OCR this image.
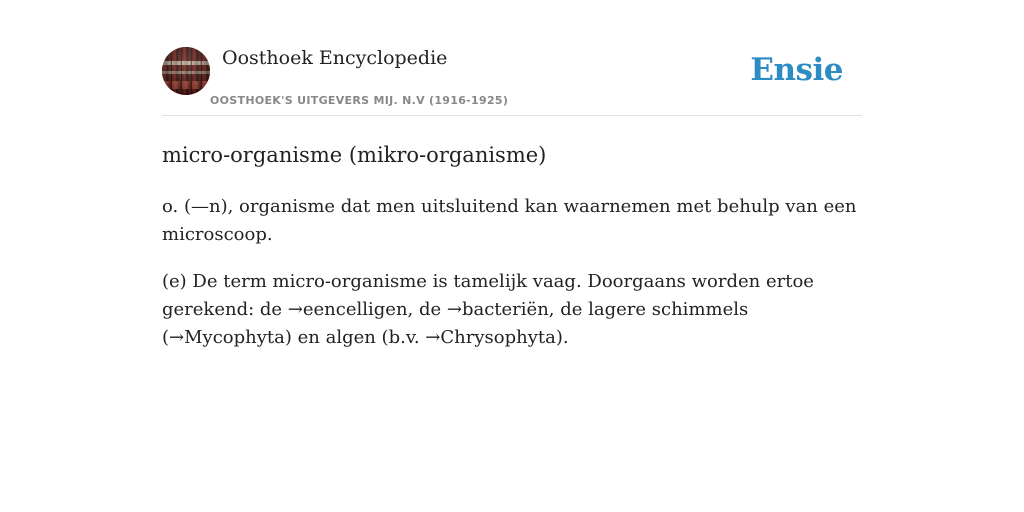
Oosthoek Encyclopedie
OOSTHOEK'S UITGEVERS MIJ. N.V (1916-1925)
Ensie
micro-organisme (mikro-organisme)

o. (—n), organisme dat men uitsluitend kan waarnemen met behulp van een microscoop.

(e) De term micro-organisme is tamelijk vaag. Doorgaans worden ertoe gerekend: de →eencelligen, de →bacteriën, de lagere schimmels (→Mycophyta) en algen (b.v. →Chrysophyta).
